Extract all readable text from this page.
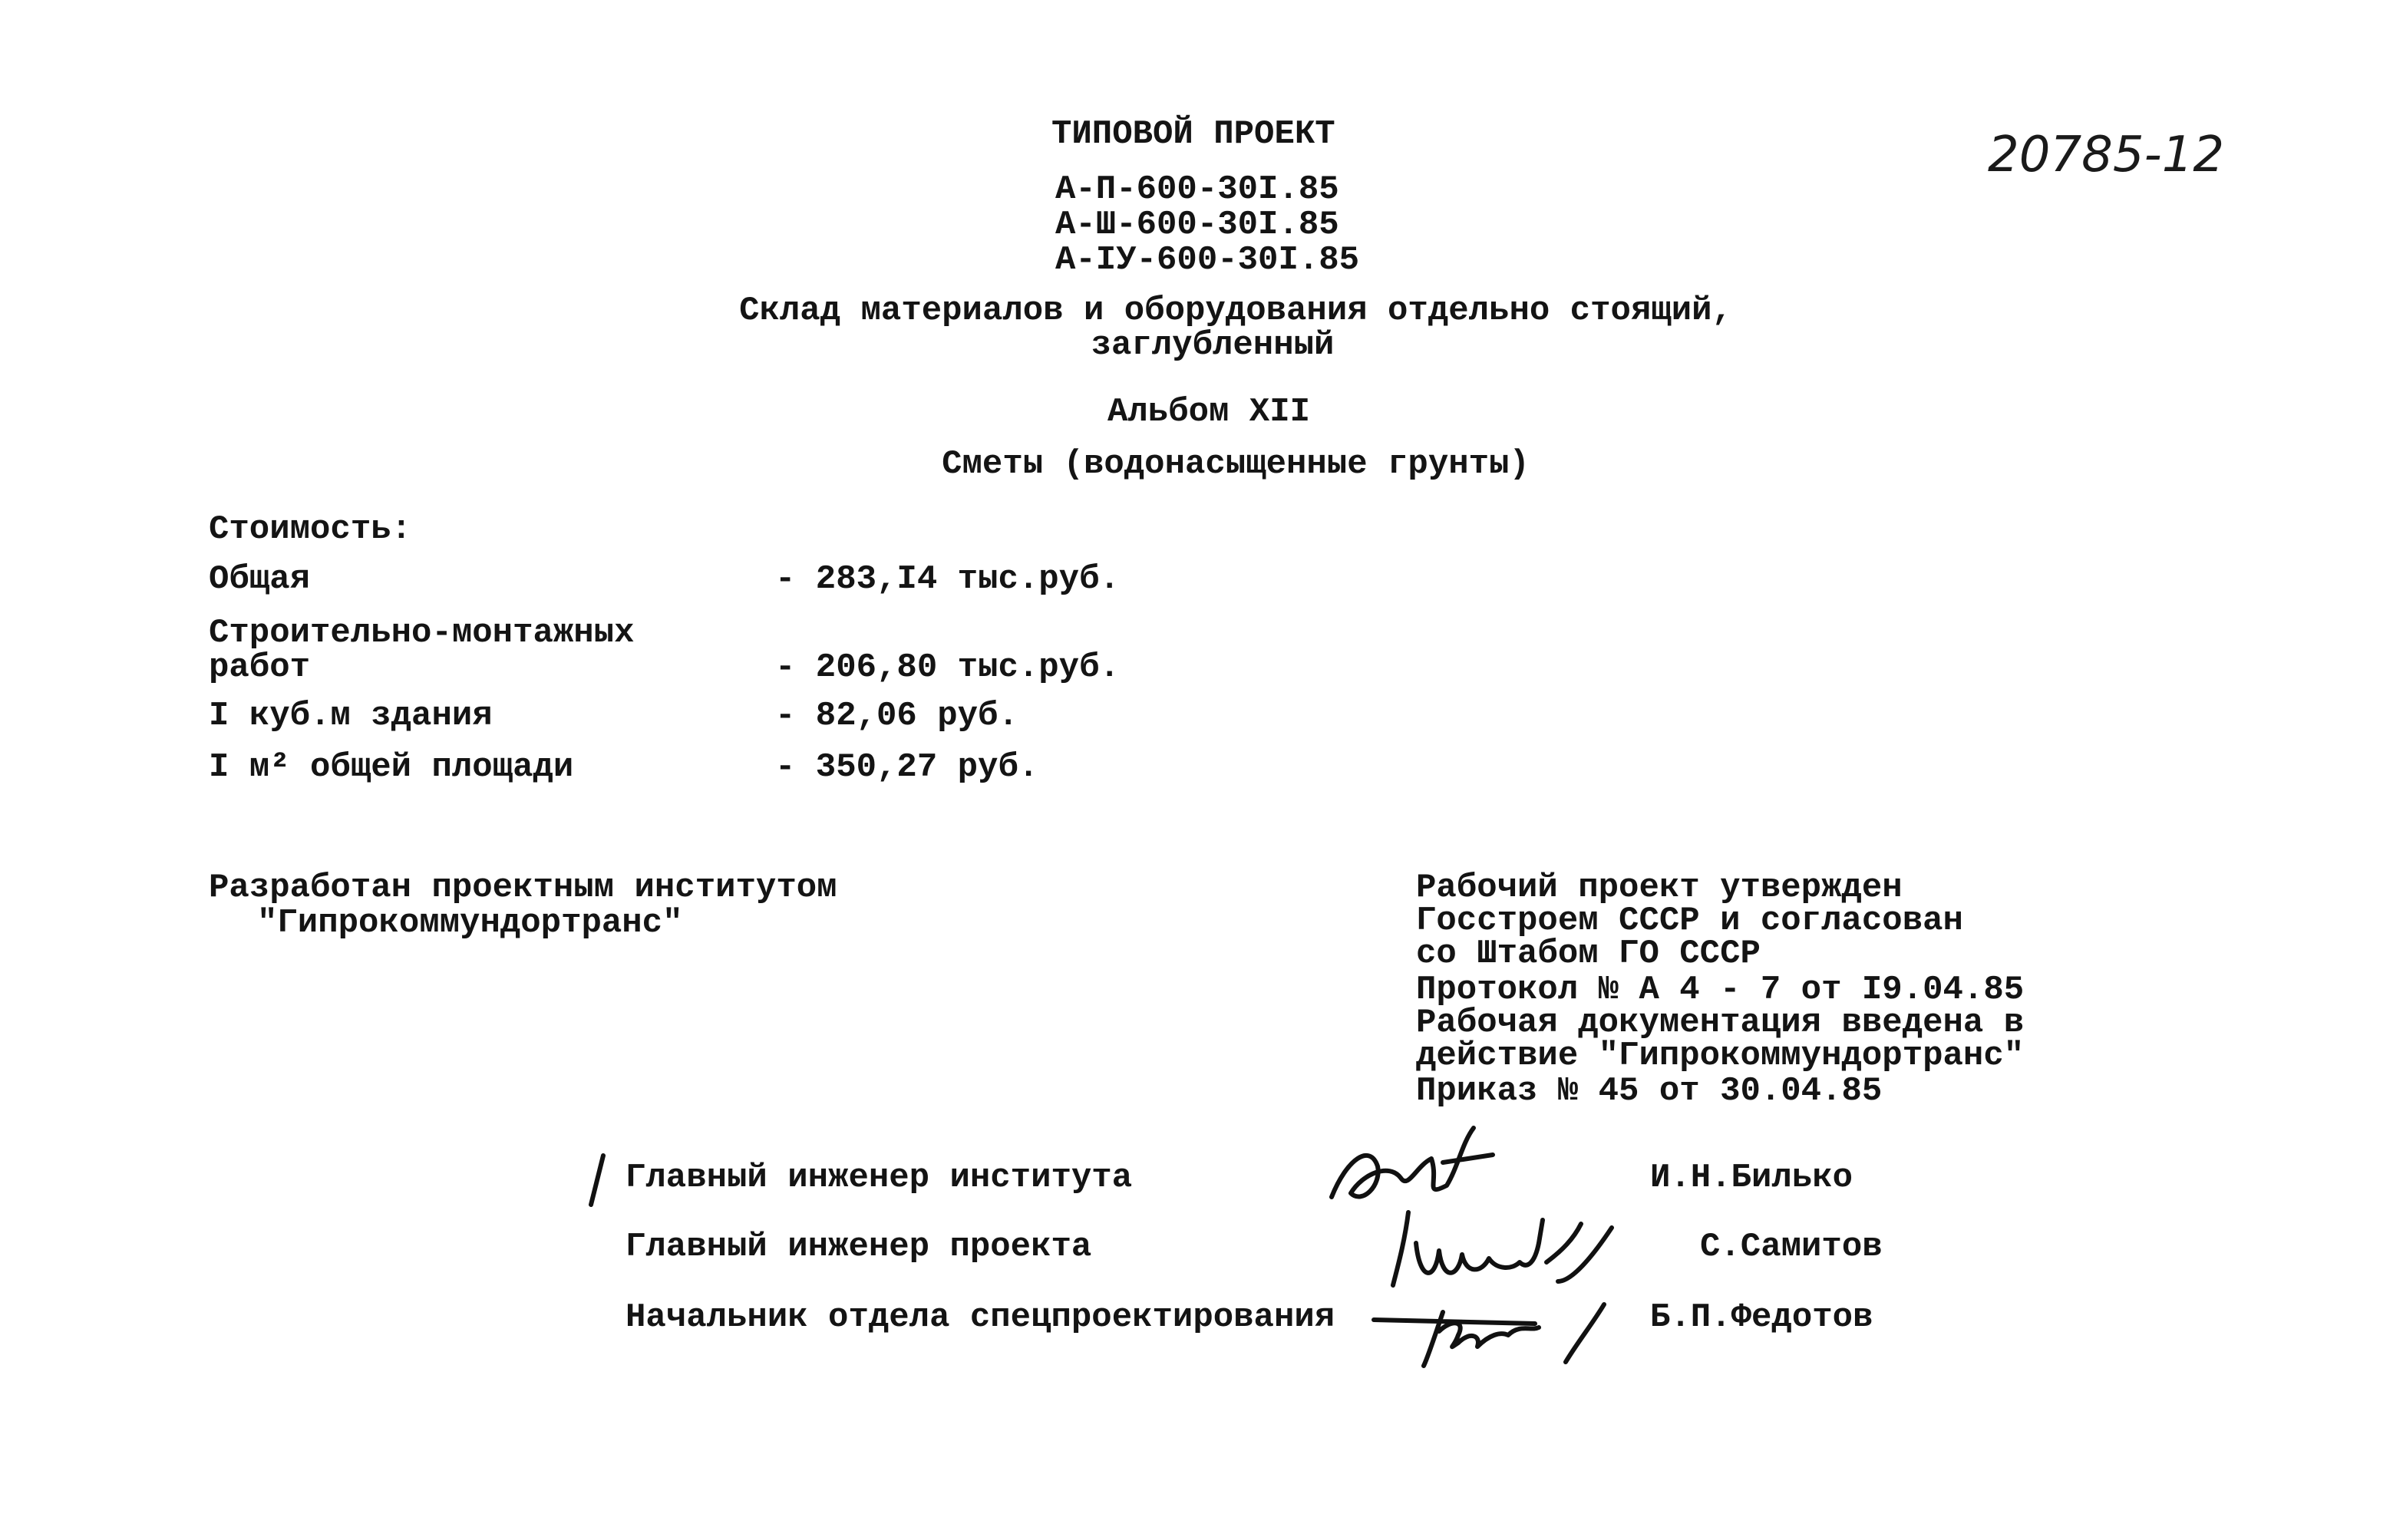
20785-12
ТИПОВОЙ ПРОЕКТ
А-П-600-30I.85
А-Ш-600-30I.85
А-IУ-600-30I.85
Склад материалов и оборудования отдельно стоящий,
заглубленный
Альбом XII
Сметы (водонасыщенные грунты)
Стоимость:
Общая	- 283,I4 тыс.руб.
Строительно-монтажных
работ	- 206,80 тыс.руб.
I куб.м здания	- 82,06 руб.
I м² общей площади	- 350,27 руб.
Разработан проектным институтом
"Гипрокоммундортранс"
Рабочий проект утвержден
Госстроем СССР и согласован
со Штабом ГО СССР
Протокол № А 4 - 7 от I9.04.85
Рабочая документация введена в
действие "Гипрокоммундортранс"
Приказ № 45 от 30.04.85
Главный инженер института	И.Н.Билько
Главный инженер проекта	С.Самитов
Начальник отдела спецпроектирования	Б.П.Федотов
